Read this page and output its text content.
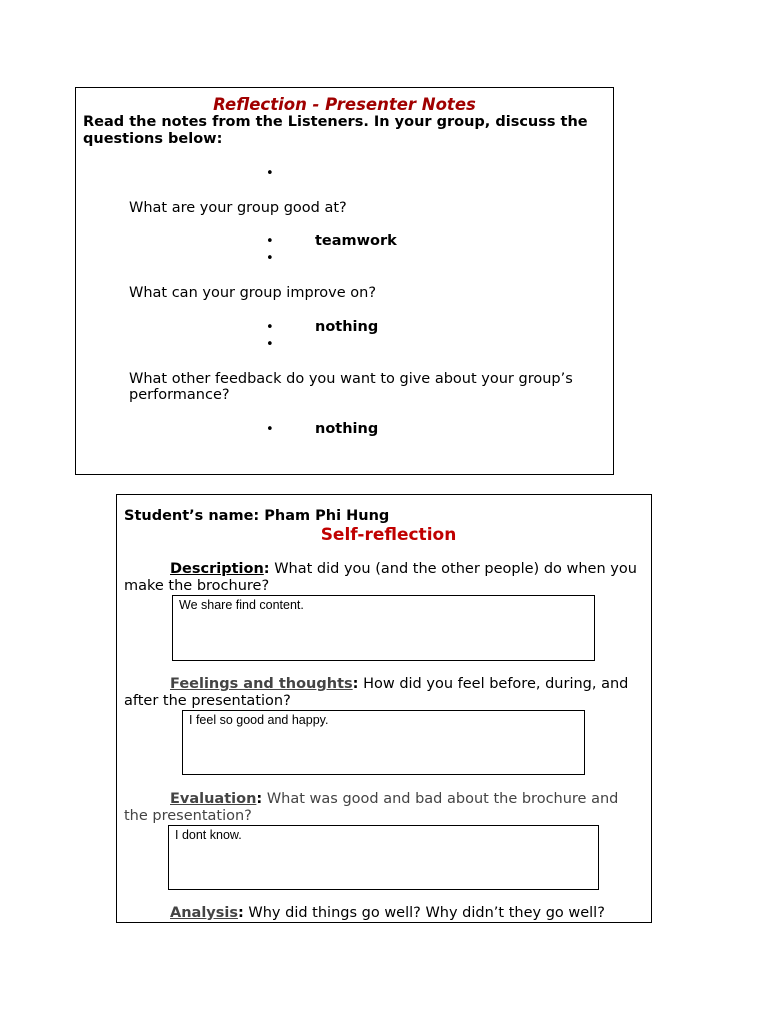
Reflection - Presenter Notes
Read the notes from the Listeners. In your group, discuss the questions below:
•
What are your group good at?
•	teamwork
•
What can your group improve on?
•	nothing
•
What other feedback do you want to give about your group’s performance?
•	nothing
Student’s name: Pham Phi Hung
Self-reflection
Description: What did you (and the other people) do when you make the brochure?
We share find content.
Feelings and thoughts: How did you feel before, during, and after the presentation?
I feel so good and happy.
Evaluation: What was good and bad about the brochure and the presentation?
I dont know.
Analysis: Why did things go well? Why didn’t they go well?
